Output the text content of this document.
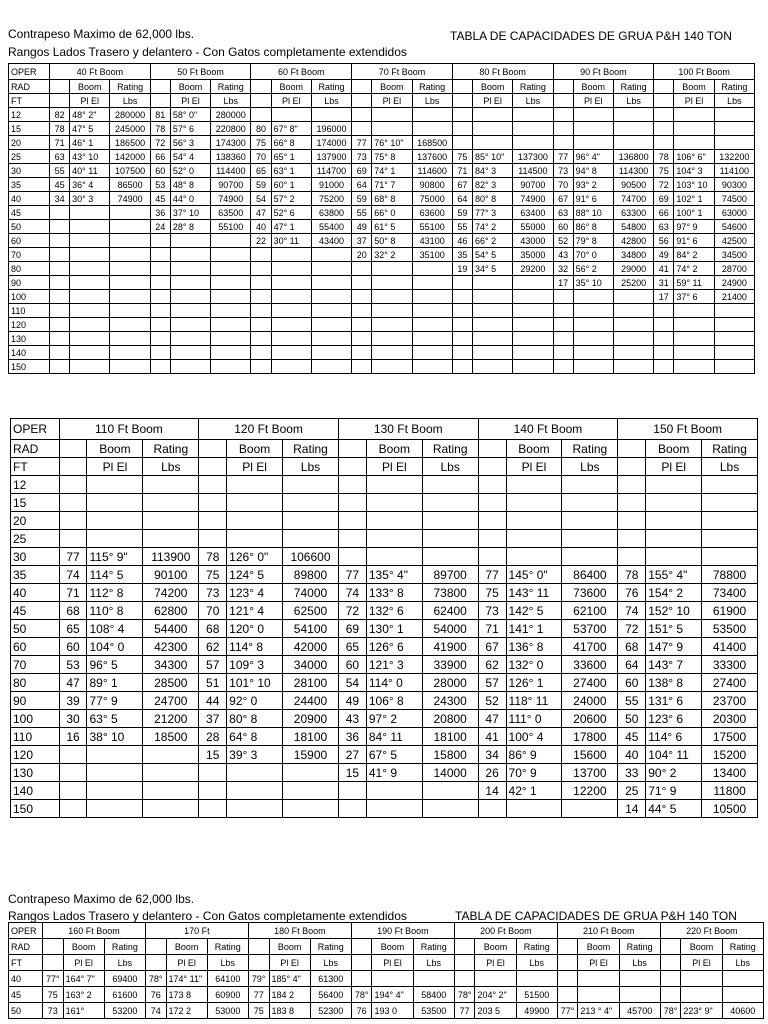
Contrapeso Maximo de 62,000 lbs.
Rangos Lados Trasero y delantero - Con Gatos completamente extendidos
TABLA DE CAPACIDADES DE GRUA P&H 140 TON
OPER	40 Ft Boom			50 Ft Boom			60 Ft Boom			70 Ft Boom			80 Ft Boom			90 Ft Boom			100 Ft Boom		
RAD		Boom	Rating		Boom	Rating		Boom	Rating		Boom	Rating		Boom	Rating		Boom	Rating		Boom	Rating
FT		Pl El	Lbs		Pl El	Lbs		Pl El	Lbs		Pl El	Lbs		Pl El	Lbs		Pl El	Lbs		Pl El	Lbs
12	82	48° 2"	280000	81	58° 0"	280000															
15	78	47° 5	245000	78	57° 6	220800	80	67° 8"	196000												
20	71	46° 1	186500	72	56° 3	174300	75	66° 8	174000	77	76° 10"	168500									
25	63	43° 10	142000	66	54° 4	138360	70	65° 1	137900	73	75° 8	137600	75	85° 10"	137300	77	96° 4"	136800	78	106° 6"	132200
30	55	40° 11	107500	60	52° 0	114400	65	63° 1	114700	69	74° 1	114600	71	84° 3	114500	73	94° 8	114300	75	104° 3	114100
35	45	36° 4	86500	53	48° 8	90700	59	60° 1	91000	64	71° 7	90800	67	82° 3	90700	70	93° 2	90500	72	103° 10	90300
40	34	30° 3	74900	45	44° 0	74900	54	57° 2	75200	59	68° 8	75000	64	80° 8	74900	67	91° 6	74700	69	102° 1	74500
45				36	37° 10	63500	47	52° 6	63800	55	66° 0	63600	59	77° 3	63400	63	88° 10	63300	66	100° 1	63000
50				24	28° 8	55100	40	47° 1	55400	49	61° 5	55100	55	74° 2	55000	60	86° 8	54800	63	97° 9	54600
60							22	30° 11	43400	37	50° 8	43100	46	66° 2	43000	52	79° 8	42800	56	91° 6	42500
70										20	32° 2	35100	35	54° 5	35000	43	70° 0	34800	49	84° 2	34500
80													19	34° 5	29200	32	56° 2	29000	41	74° 2	28700
90																17	35° 10	25200	31	59° 11	24900
100																			17	37° 6	21400
110																					
120																					
130																					
140																					
150																					
OPER	110 Ft Boom			120 Ft Boom			130 Ft Boom			140 Ft Boom			150 Ft Boom		
RAD		Boom	Rating		Boom	Rating		Boom	Rating		Boom	Rating		Boom	Rating
FT		Pl El	Lbs		Pl El	Lbs		Pl El	Lbs		Pl El	Lbs		Pl El	Lbs
12															
15															
20															
25															
30	77	115° 9"	113900	78	126° 0"	106600									
35	74	114° 5	90100	75	124° 5	89800	77	135° 4"	89700	77	145° 0"	86400	78	155° 4"	78800
40	71	112° 8	74200	73	123° 4	74000	74	133° 8	73800	75	143° 11	73600	76	154° 2	73400
45	68	110° 8	62800	70	121° 4	62500	72	132° 6	62400	73	142° 5	62100	74	152° 10	61900
50	65	108° 4	54400	68	120° 0	54100	69	130° 1	54000	71	141° 1	53700	72	151° 5	53500
60	60	104° 0	42300	62	114° 8	42000	65	126° 6	41900	67	136° 8	41700	68	147° 9	41400
70	53	96° 5	34300	57	109° 3	34000	60	121° 3	33900	62	132° 0	33600	64	143° 7	33300
80	47	89° 1	28500	51	101° 10	28100	54	114° 0	28000	57	126° 1	27400	60	138° 8	27400
90	39	77° 9	24700	44	92° 0	24400	49	106° 8	24300	52	118° 11	24000	55	131° 6	23700
100	30	63° 5	21200	37	80° 8	20900	43	97° 2	20800	47	111° 0	20600	50	123° 6	20300
110	16	38° 10	18500	28	64° 8	18100	36	84° 11	18100	41	100° 4	17800	45	114° 6	17500
120				15	39° 3	15900	27	67° 5	15800	34	86° 9	15600	40	104° 11	15200
130							15	41° 9	14000	26	70° 9	13700	33	90° 2	13400
140										14	42° 1	12200	25	71° 9	11800
150													14	44° 5	10500
Contrapeso Maximo de 62,000 lbs.
Rangos Lados Trasero y delantero - Con Gatos completamente extendidos	TABLA DE CAPACIDADES DE GRUA P&H 140 TON
OPER	160 Ft Boom			170 Ft			180 Ft Boom			190 Ft Boom			200 Ft Boom			210 Ft Boom			220 Ft Boom		
RAD		Boom	Rating		Boom	Rating		Boom	Rating		Boom	Rating		Boom	Rating		Boom	Rating		Boom	Rating
FT		Pl El	Lbs		Pl El	Lbs		Pl El	Lbs		Pl El	Lbs		Pl El	Lbs		Pl El	Lbs		Pl El	Lbs
40	77°	164° 7"	69400	78°	174° 11"	64100	79°	185° 4"	61300												
45	75	163° 2	61600	76	173 8	60900	77	184 2	56400	78°	194° 4"	58400	78°	204° 2"	51500						
50	73	161°	53200	74	172 2	53000	75	183 8	52300	76	193 0	53500	77	203 5	49900	77°	213 ° 4"	45700	78°	223° 9"	40600
